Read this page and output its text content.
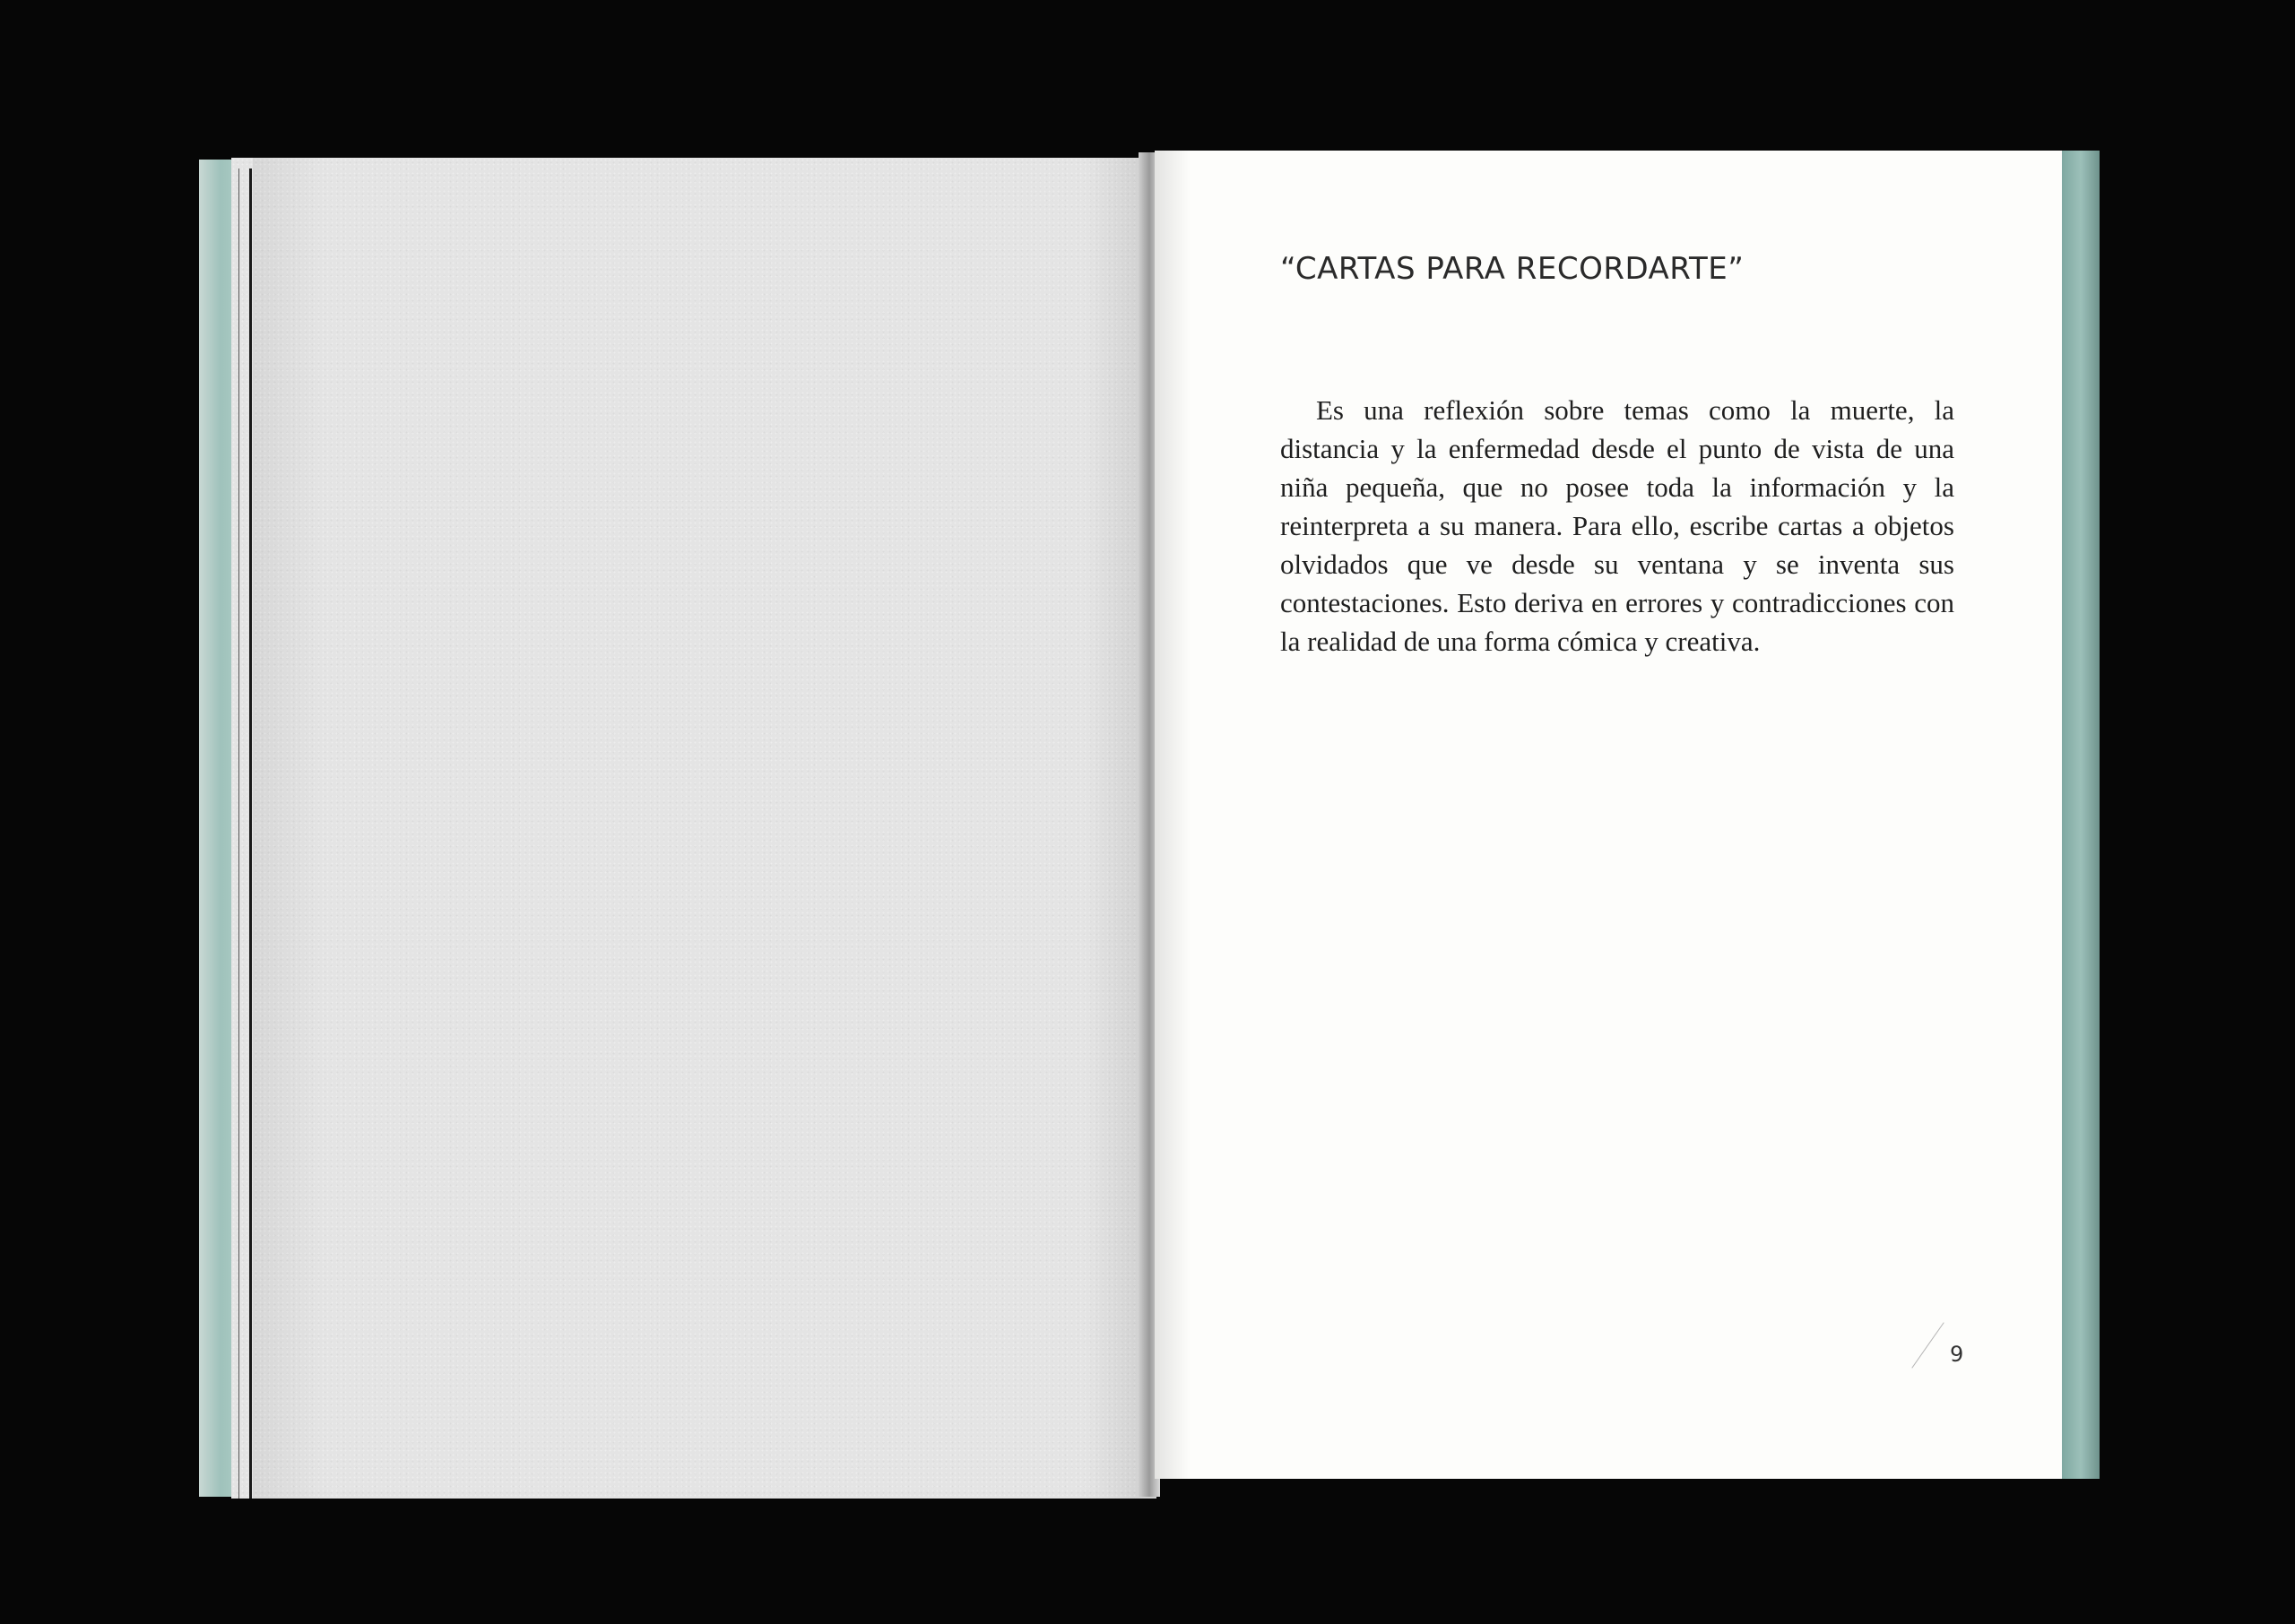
“CARTAS PARA RECORDARTE”

Es una reflexión sobre temas como la muerte, la distancia y la enfermedad desde el punto de vista de una niña pequeña, que no posee toda la información y la reinterpreta a su manera. Para ello, escribe cartas a objetos olvidados que ve desde su ventana y se inventa sus contestaciones. Esto deriva en errores y contradicciones con la realidad de una forma cómica y creativa.

9
